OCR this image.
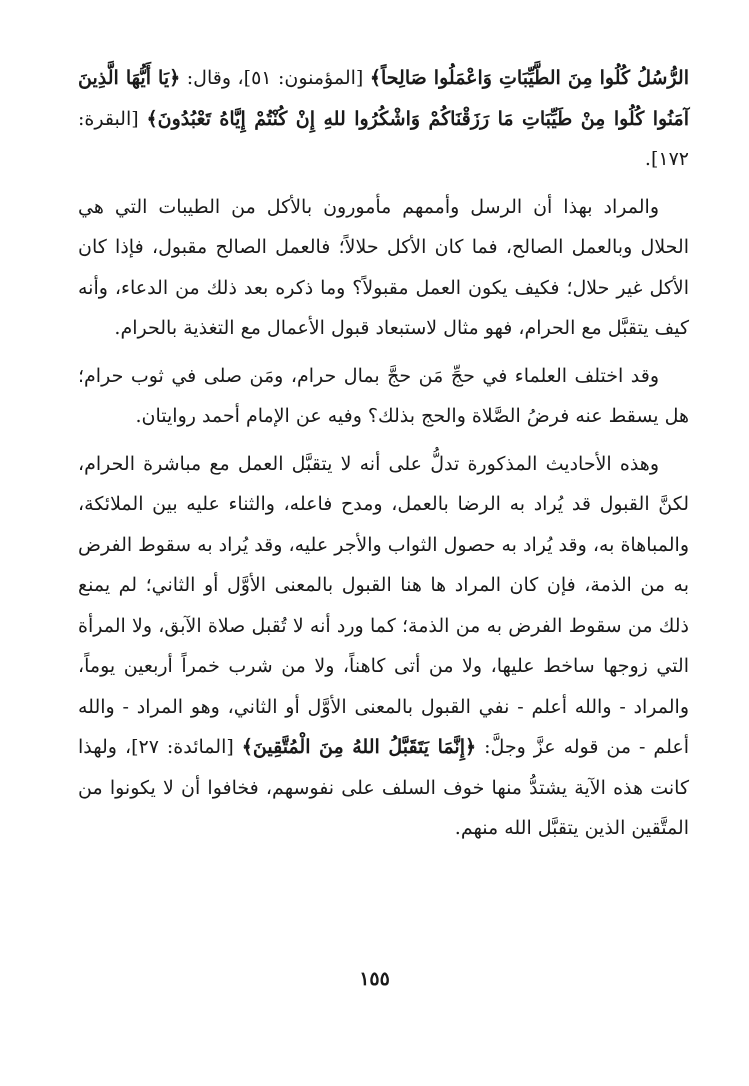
الرُّسُلُ كُلُوا مِنَ الطَّيِّبَاتِ وَاعْمَلُوا صَالِحاً﴾ [المؤمنون: ٥١]، وقال: ﴿يَا أَيُّهَا الَّذِينَ آمَنُوا كُلُوا مِنْ طَيِّبَاتِ مَا رَزَقْنَاكُمْ وَاشْكُرُوا للهِ إِنْ كُنْتُمْ إِيَّاهُ تَعْبُدُونَ﴾ [البقرة: ١٧٢].

والمراد بهذا أن الرسل وأممهم مأمورون بالأكل من الطيبات التي هي الحلال وبالعمل الصالح، فما كان الأكل حلالاً؛ فالعمل الصالح مقبول، فإذا كان الأكل غير حلال؛ فكيف يكون العمل مقبولاً؟ وما ذكره بعد ذلك من الدعاء، وأنه كيف يتقبَّل مع الحرام، فهو مثال لاستبعاد قبول الأعمال مع التغذية بالحرام.

وقد اختلف العلماء في حجِّ مَن حجَّ بمال حرام، ومَن صلى في ثوب حرام؛ هل يسقط عنه فرضُ الصَّلاة والحج بذلك؟ وفيه عن الإمام أحمد روايتان.

وهذه الأحاديث المذكورة تدلُّ على أنه لا يتقبَّل العمل مع مباشرة الحرام، لكنَّ القبول قد يُراد به الرضا بالعمل، ومدح فاعله، والثناء عليه بين الملائكة، والمباهاة به، وقد يُراد به حصول الثواب والأجر عليه، وقد يُراد به سقوط الفرض به من الذمة، فإن كان المراد ها هنا القبول بالمعنى الأوَّل أو الثاني؛ لم يمنع ذلك من سقوط الفرض به من الذمة؛ كما ورد أنه لا تُقبل صلاة الآبق، ولا المرأة التي زوجها ساخط عليها، ولا من أتى كاهناً، ولا من شرب خمراً أربعين يوماً، والمراد - والله أعلم - نفي القبول بالمعنى الأوَّل أو الثاني، وهو المراد - والله أعلم - من قوله عزَّ وجلَّ: ﴿إِنَّمَا يَتَقَبَّلُ اللهُ مِنَ الْمُتَّقِينَ﴾ [المائدة: ٢٧]، ولهذا كانت هذه الآية يشتدُّ منها خوف السلف على نفوسهم، فخافوا أن لا يكونوا من المتَّقين الذين يتقبَّل الله منهم.

١٥٥
